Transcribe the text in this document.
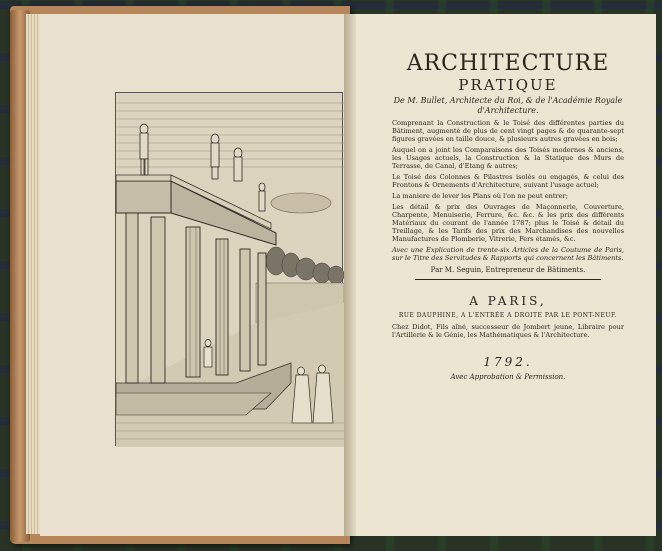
ARCHITECTURE
PRATIQUE
De M. Bullet, Architecte du Roi, & de l'Académie Royale d'Architecture.
Comprenant la Construction & le Toisé des différentes parties du Bâtiment, augmenté de plus de cent vingt pages & de quarante-sept figures gravées en taille douce, & plusieurs autres gravées en bois;
Auquel on a joint les Comparaisons des Toisés modernes & anciens, les Usages actuels, la Construction & la Statique des Murs de Terrasse, de Canal, d'Etang & autres;
Le Toisé des Colonnes & Pilastres isolés ou engagés, & celui des Frontons & Ornements d'Architecture, suivant l'usage actuel;
La maniere de lever les Plans où l'on ne peut entrer;
Les détail & prix des Ouvrages de Maçonnerie, Couverture, Charpente, Menuiserie, Ferrure, &c. &c. & les prix des différents Matériaux du courant de l'année 1787; plus le Toisé & détail du Treillage, & les Tarifs des prix des Marchandises des nouvelles Manufactures de Plomberie, Vitrerie, Fers étamés, &c.
Avec une Explication de trente-six Articles de la Coutume de Paris, sur le Titre des Servitudes & Rapports qui concernent les Bâtiments.
Par M. Seguin, Entrepreneur de Bâtiments.
A PARIS,
RUE DAUPHINE, A L'ENTRÉE A DROITE PAR LE PONT-NEUF.
Chez Didot, Fils aîné, successeur de Jombert jeune, Libraire pour l'Artillerie & le Génie, les Mathématiques & l'Architecture.
1792.
Avec Approbation & Permission.
